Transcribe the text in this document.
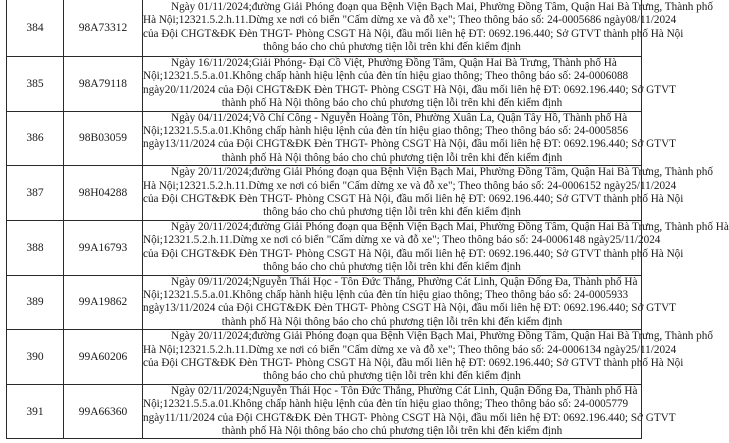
384	98A73312	Ngày 01/11/2024;đường Giải Phóng đoạn qua Bệnh Viện Bạch Mai, Phường Đồng Tâm, Quận Hai Bà Trưng, Thành phố

Hà Nội;12321.5.2.h.11.Dừng xe nơi có biển "Cấm dừng xe và đỗ xe"; Theo thông báo số: 24-0005686 ngày08/11/2024

của Đội CHGT&ĐK Đèn THGT- Phòng CSGT Hà Nội, đầu mối liên hệ ĐT: 0692.196.440; Sở GTVT thành phố Hà Nội

thông báo cho chủ phương tiện lỗi trên khi đến kiểm định

385	98A79118	Ngày 16/11/2024;Giải Phóng- Đại Cồ Việt, Phường Đồng Tâm, Quận Hai Bà Trưng, Thành phố Hà

Nội;12321.5.5.a.01.Không chấp hành hiệu lệnh của đèn tín hiệu giao thông; Theo thông báo số: 24-0006088

ngày20/11/2024 của Đội CHGT&ĐK Đèn THGT- Phòng CSGT Hà Nội, đầu mối liên hệ ĐT: 0692.196.440; Sở GTVT

thành phố Hà Nội thông báo cho chủ phương tiện lỗi trên khi đến kiểm định

386	98B03059	Ngày 04/11/2024;Võ Chí Công - Nguyễn Hoàng Tôn, Phường Xuân La, Quận Tây Hồ, Thành phố Hà

Nội;12321.5.5.a.01.Không chấp hành hiệu lệnh của đèn tín hiệu giao thông; Theo thông báo số: 24-0005856

ngày13/11/2024 của Đội CHGT&ĐK Đèn THGT- Phòng CSGT Hà Nội, đầu mối liên hệ ĐT: 0692.196.440; Sở GTVT

thành phố Hà Nội thông báo cho chủ phương tiện lỗi trên khi đến kiểm định

387	98H04288	Ngày 20/11/2024;đường Giải Phóng đoạn qua Bệnh Viện Bạch Mai, Phường Đồng Tâm, Quận Hai Bà Trưng, Thành phố

Hà Nội;12321.5.2.h.11.Dừng xe nơi có biển "Cấm dừng xe và đỗ xe"; Theo thông báo số: 24-0006152 ngày25/11/2024

của Đội CHGT&ĐK Đèn THGT- Phòng CSGT Hà Nội, đầu mối liên hệ ĐT: 0692.196.440; Sở GTVT thành phố Hà Nội

thông báo cho chủ phương tiện lỗi trên khi đến kiểm định

388	99A16793	Ngày 20/11/2024;đường Giải Phóng đoạn qua Bệnh Viện Bạch Mai, Phường Đồng Tâm, Quận Hai Bà Trưng, Thành phố Hà

Nội;12321.5.2.h.11.Dừng xe nơi có biển "Cấm dừng xe và đỗ xe"; Theo thông báo số: 24-0006148 ngày25/11/2024

của Đội CHGT&ĐK Đèn THGT- Phòng CSGT Hà Nội, đầu mối liên hệ ĐT: 0692.196.440; Sở GTVT thành phố Hà Nội

thông báo cho chủ phương tiện lỗi trên khi đến kiểm định

389	99A19862	Ngày 09/11/2024;Nguyễn Thái Học - Tôn Đức Thắng, Phường Cát Linh, Quận Đống Đa, Thành phố Hà

Nội;12321.5.5.a.01.Không chấp hành hiệu lệnh của đèn tín hiệu giao thông; Theo thông báo số: 24-0005933

ngày13/11/2024 của Đội CHGT&ĐK Đèn THGT- Phòng CSGT Hà Nội, đầu mối liên hệ ĐT: 0692.196.440; Sở GTVT

thành phố Hà Nội thông báo cho chủ phương tiện lỗi trên khi đến kiểm định

390	99A60206	Ngày 20/11/2024;đường Giải Phóng đoạn qua Bệnh Viện Bạch Mai, Phường Đồng Tâm, Quận Hai Bà Trưng, Thành phố

Hà Nội;12321.5.2.h.11.Dừng xe nơi có biển "Cấm dừng xe và đỗ xe"; Theo thông báo số: 24-0006134 ngày25/11/2024

của Đội CHGT&ĐK Đèn THGT- Phòng CSGT Hà Nội, đầu mối liên hệ ĐT: 0692.196.440; Sở GTVT thành phố Hà Nội

thông báo cho chủ phương tiện lỗi trên khi đến kiểm định

391	99A66360	Ngày 02/11/2024;Nguyễn Thái Học - Tôn Đức Thắng, Phường Cát Linh, Quận Đống Đa, Thành phố Hà

Nội;12321.5.5.a.01.Không chấp hành hiệu lệnh của đèn tín hiệu giao thông; Theo thông báo số: 24-0005779

ngày11/11/2024 của Đội CHGT&ĐK Đèn THGT- Phòng CSGT Hà Nội, đầu mối liên hệ ĐT: 0692.196.440; Sở GTVT

thành phố Hà Nội thông báo cho chủ phương tiện lỗi trên khi đến kiểm định
